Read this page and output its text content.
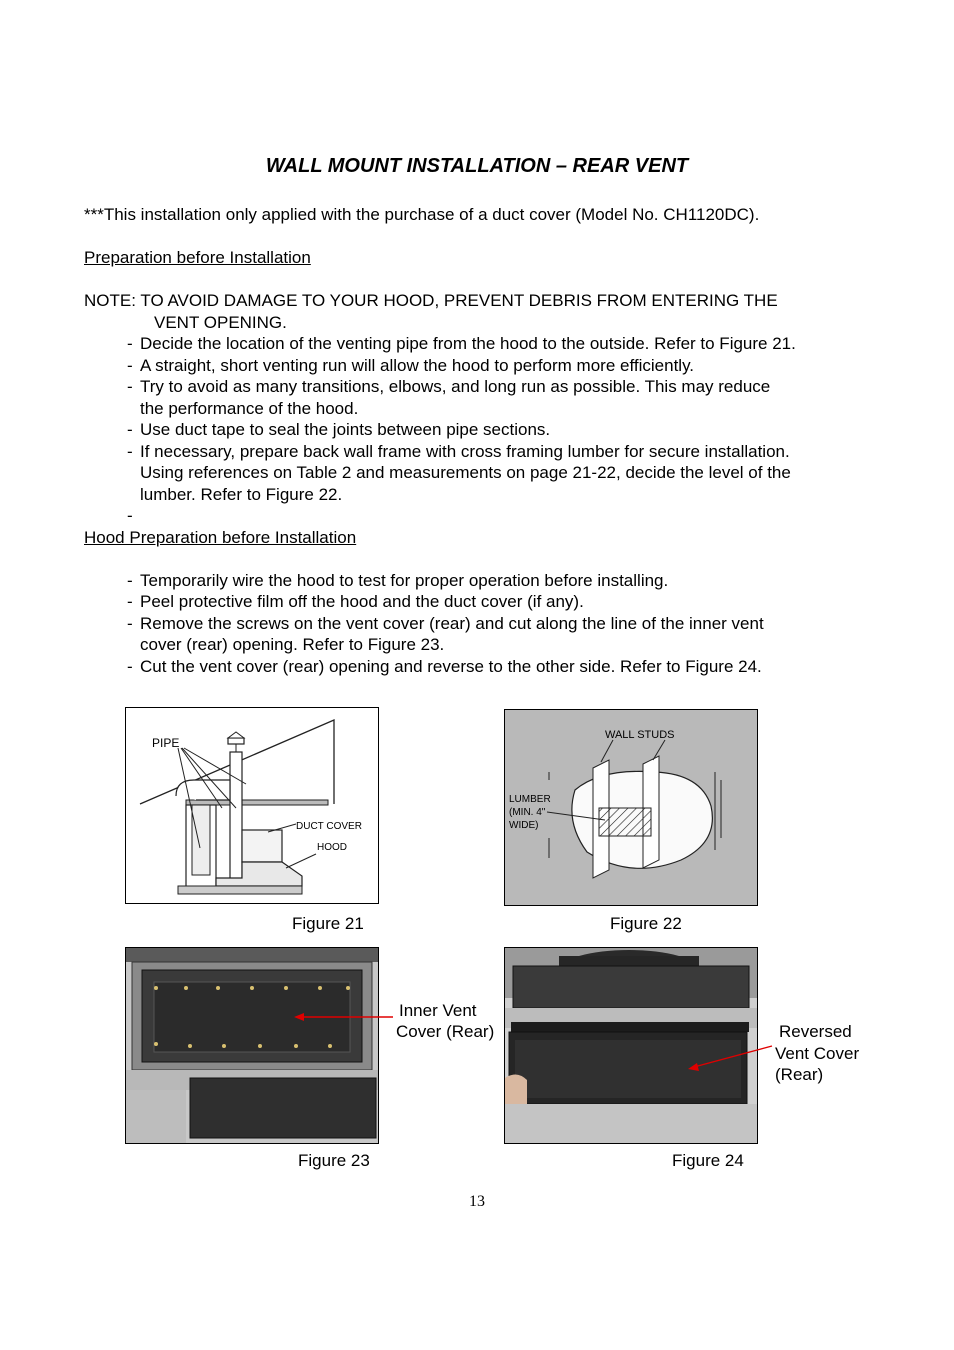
WALL MOUNT INSTALLATION – REAR VENT

***This installation only applied with the purchase of a duct cover (Model No. CH1120DC).

Preparation before Installation

NOTE: TO AVOID DAMAGE TO YOUR HOOD, PREVENT DEBRIS FROM ENTERING THE

VENT OPENING.

- Decide the location of the venting pipe from the hood to the outside. Refer to Figure 21.

- A straight, short venting run will allow the hood to perform more efficiently.

- Try to avoid as many transitions, elbows, and long run as possible. This may reduce

the performance of the hood.

- Use duct tape to seal the joints between pipe sections.

- If necessary, prepare back wall frame with cross framing lumber for secure installation.

Using references on Table 2 and measurements on page 21-22, decide the level of the

lumber. Refer to Figure 22.

-

Hood Preparation before Installation

- Temporarily wire the hood to test for proper operation before installing.

- Peel protective film off the hood and the duct cover (if any).

- Remove the screws on the vent cover (rear) and cut along the line of the inner vent

cover (rear) opening. Refer to Figure 23.

- Cut the vent cover (rear) opening and reverse to the other side. Refer to Figure 24.

PIPE
DUCT COVER
HOOD
WALL STUDS
LUMBER
(MIN. 4"
WIDE)
Figure 21	Figure 22
Inner Vent
Cover (Rear)	Reversed
Vent Cover
(Rear)
Figure 23	Figure 24
13
